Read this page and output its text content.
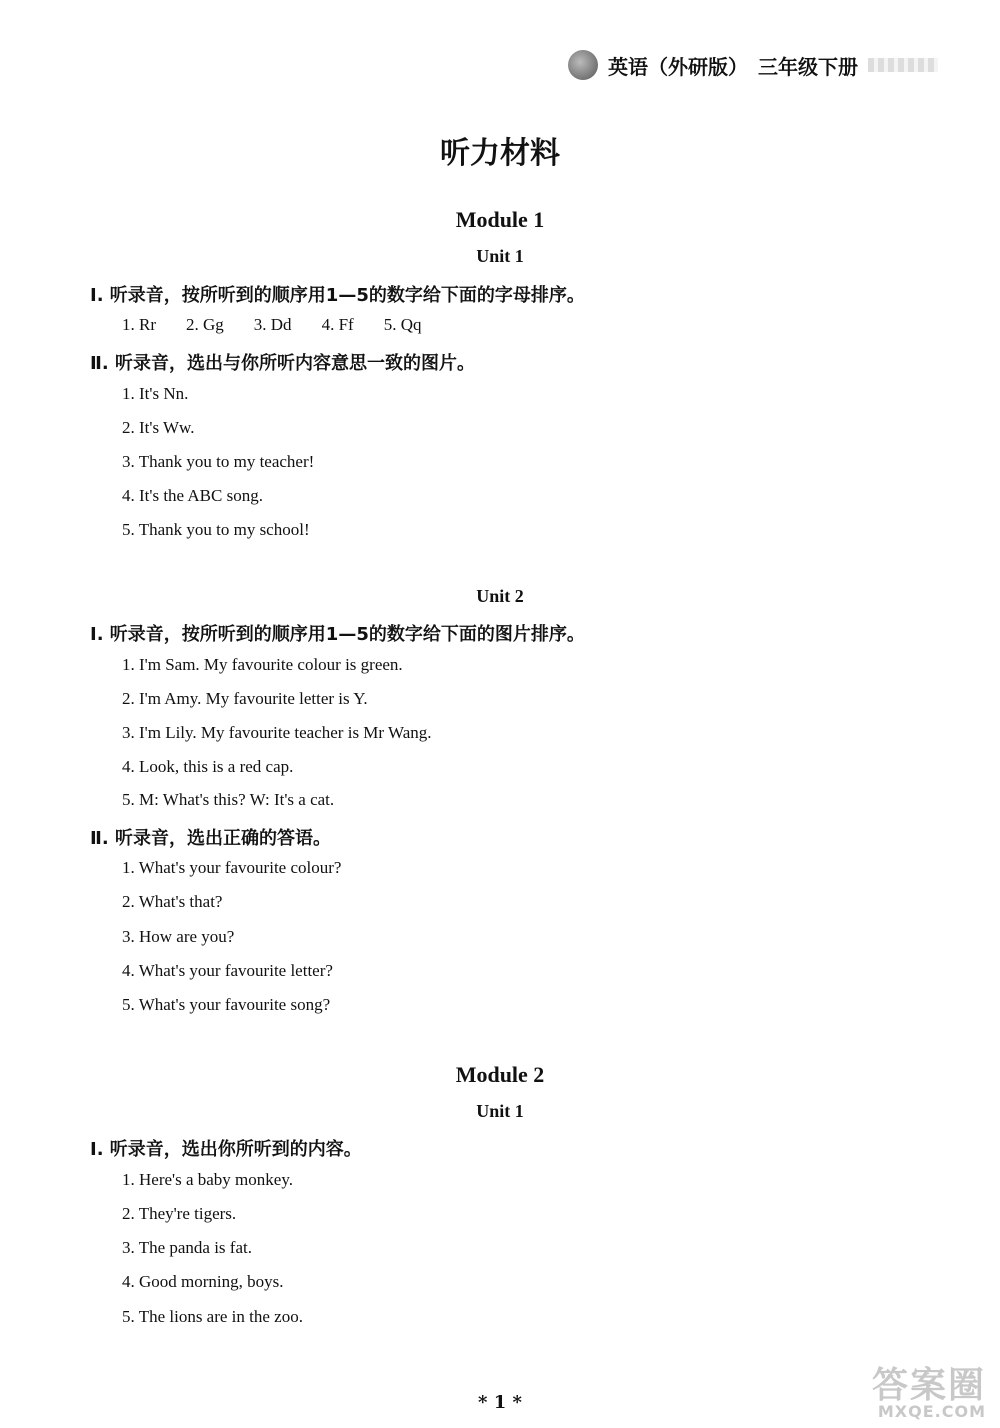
英语（外研版） 三年级下册
听力材料
Module 1
Unit 1
Ⅰ. 听录音，按所听到的顺序用1—5的数字给下面的字母排序。
1. Rr 2. Gg 3. Dd 4. Ff 5. Qq
Ⅱ. 听录音，选出与你所听内容意思一致的图片。
1. It's Nn.
2. It's Ww.
3. Thank you to my teacher!
4. It's the ABC song.
5. Thank you to my school!
Unit 2
Ⅰ. 听录音，按所听到的顺序用1—5的数字给下面的图片排序。
1. I'm Sam. My favourite colour is green.
2. I'm Amy. My favourite letter is Y.
3. I'm Lily. My favourite teacher is Mr Wang.
4. Look, this is a red cap.
5. M: What's this? W: It's a cat.
Ⅱ. 听录音，选出正确的答语。
1. What's your favourite colour?
2. What's that?
3. How are you?
4. What's your favourite letter?
5. What's your favourite song?
Module 2
Unit 1
Ⅰ. 听录音，选出你所听到的内容。
1. Here's a baby monkey.
2. They're tigers.
3. The panda is fat.
4. Good morning, boys.
5. The lions are in the zoo.
* 1 *	答案圈
MXQE.COM
